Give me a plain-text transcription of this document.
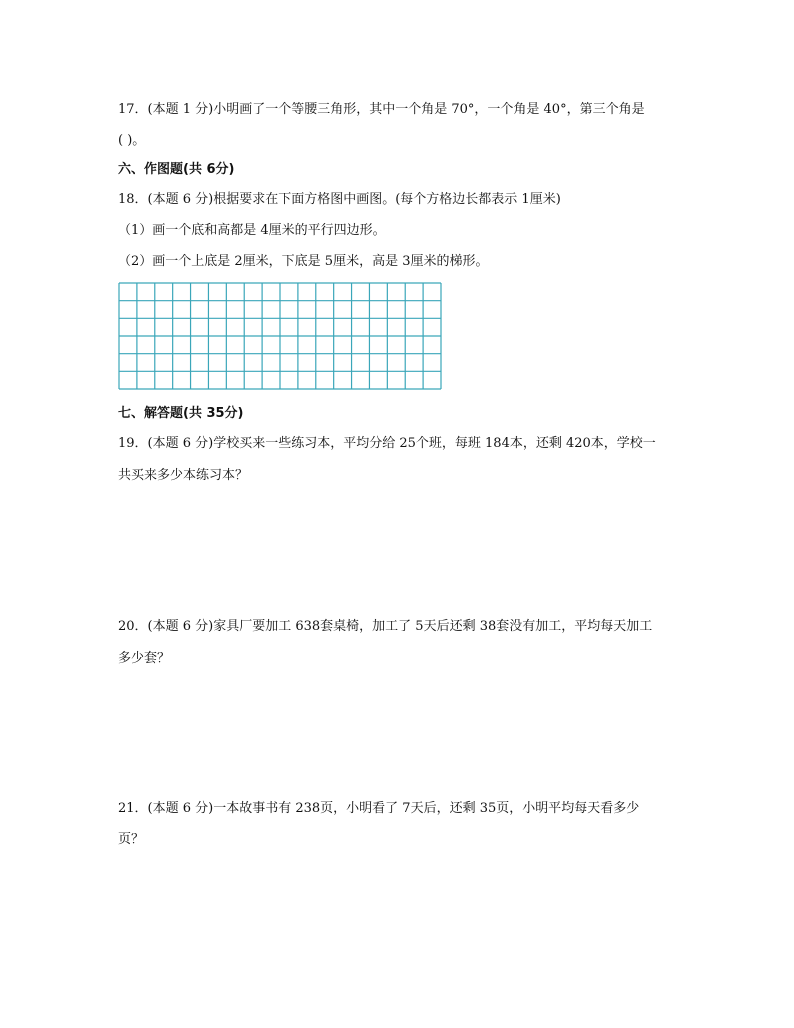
17．(本题 1 分)小明画了一个等腰三角形，其中一个角是 70°，一个角是 40°，第三个角是
( )。
六、作图题(共 6分)
18．(本题 6 分)根据要求在下面方格图中画图。(每个方格边长都表示 1厘米)
（1）画一个底和高都是 4厘米的平行四边形。
（2）画一个上底是 2厘米，下底是 5厘米，高是 3厘米的梯形。
七、解答题(共 35分)
19．(本题 6 分)学校买来一些练习本，平均分给 25个班，每班 184本，还剩 420本，学校一
共买来多少本练习本？
20．(本题 6 分)家具厂要加工 638套桌椅，加工了 5天后还剩 38套没有加工，平均每天加工
多少套？
21．(本题 6 分)一本故事书有 238页，小明看了 7天后，还剩 35页，小明平均每天看多少
页？
